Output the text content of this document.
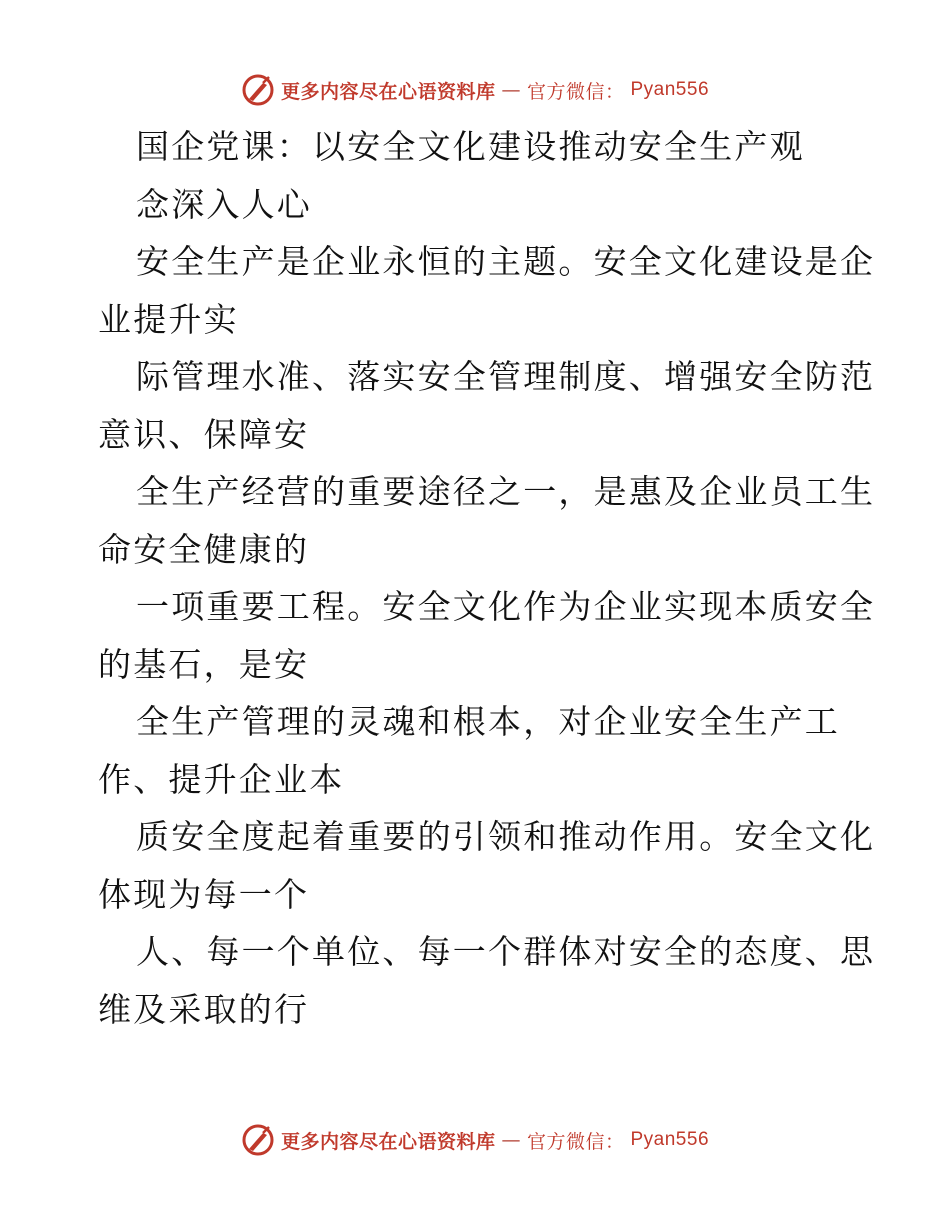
更多内容尽在心语资料库 — 官方微信： Pyan556
国企党课：以安全文化建设推动安全生产观
念深入人心
安全生产是企业永恒的主题。安全文化建设是企
业提升实
际管理水准、落实安全管理制度、增强安全防范
意识、保障安
全生产经营的重要途径之一，是惠及企业员工生
命安全健康的
一项重要工程。安全文化作为企业实现本质安全
的基石，是安
全生产管理的灵魂和根本，对企业安全生产工
作、提升企业本
质安全度起着重要的引领和推动作用。安全文化
体现为每一个
人、每一个单位、每一个群体对安全的态度、思
维及采取的行
更多内容尽在心语资料库 — 官方微信： Pyan556
